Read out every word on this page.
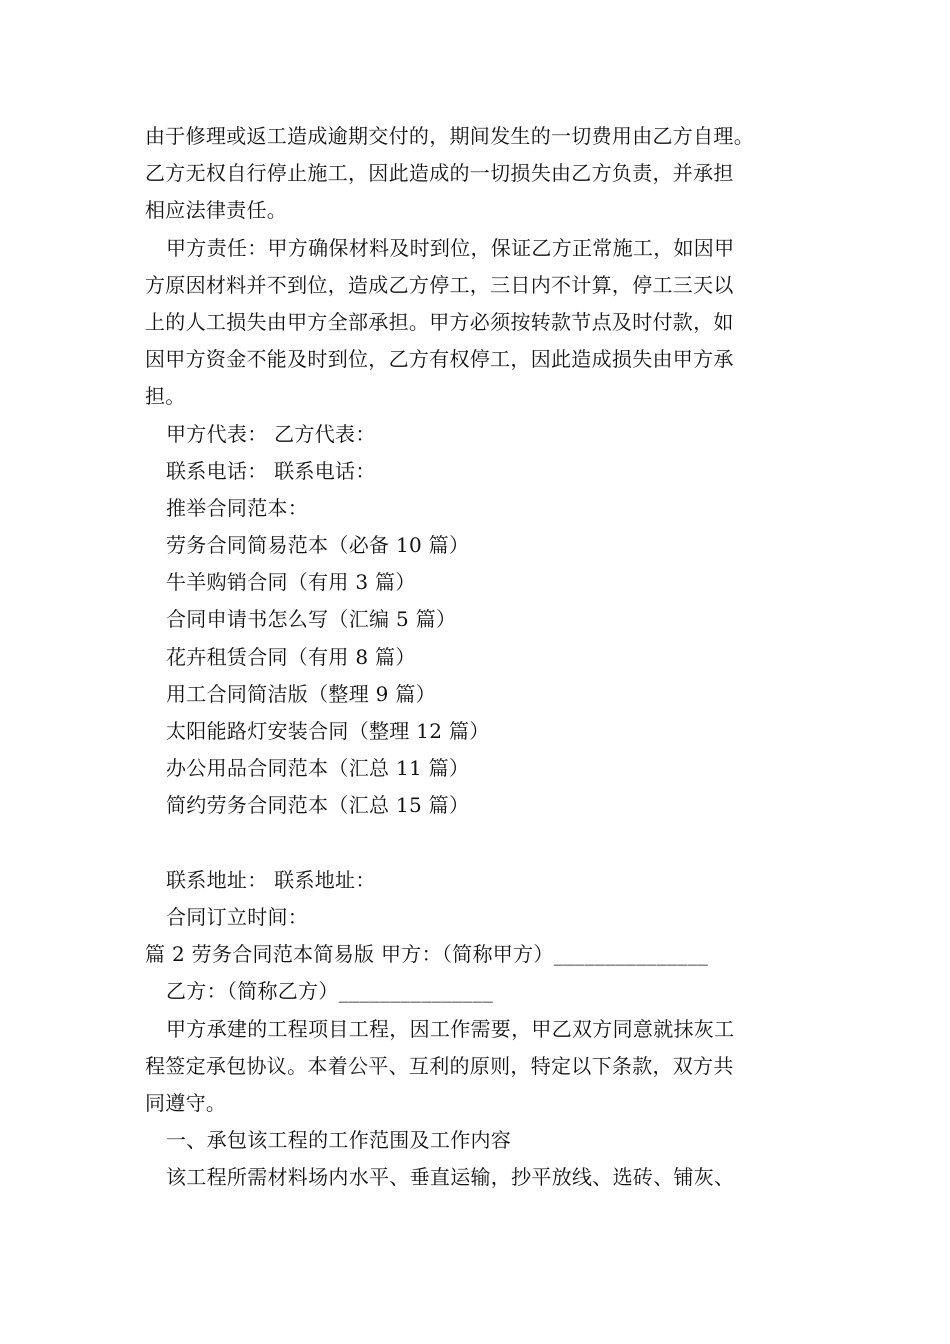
由于修理或返工造成逾期交付的，期间发生的一切费用由乙方自理。
乙方无权自行停止施工，因此造成的一切损失由乙方负责，并承担
相应法律责任。
甲方责任：甲方确保材料及时到位，保证乙方正常施工，如因甲
方原因材料并不到位，造成乙方停工，三日内不计算，停工三天以
上的人工损失由甲方全部承担。甲方必须按转款节点及时付款，如
因甲方资金不能及时到位，乙方有权停工，因此造成损失由甲方承
担。
甲方代表： 乙方代表：
联系电话： 联系电话：
推举合同范本：
劳务合同简易范本（必备 10 篇）
牛羊购销合同（有用 3 篇）
合同申请书怎么写（汇编 5 篇）
花卉租赁合同（有用 8 篇）
用工合同简洁版（整理 9 篇）
太阳能路灯安装合同（整理 12 篇）
办公用品合同范本（汇总 11 篇）
简约劳务合同范本（汇总 15 篇）
联系地址： 联系地址：
合同订立时间：
篇 2 劳务合同范本简易版 甲方：（简称甲方）_______________
乙方：（简称乙方）_______________
甲方承建的工程项目工程，因工作需要，甲乙双方同意就抹灰工
程签定承包协议。本着公平、互利的原则，特定以下条款，双方共
同遵守。
一、承包该工程的工作范围及工作内容
该工程所需材料场内水平、垂直运输，抄平放线、选砖、铺灰、
